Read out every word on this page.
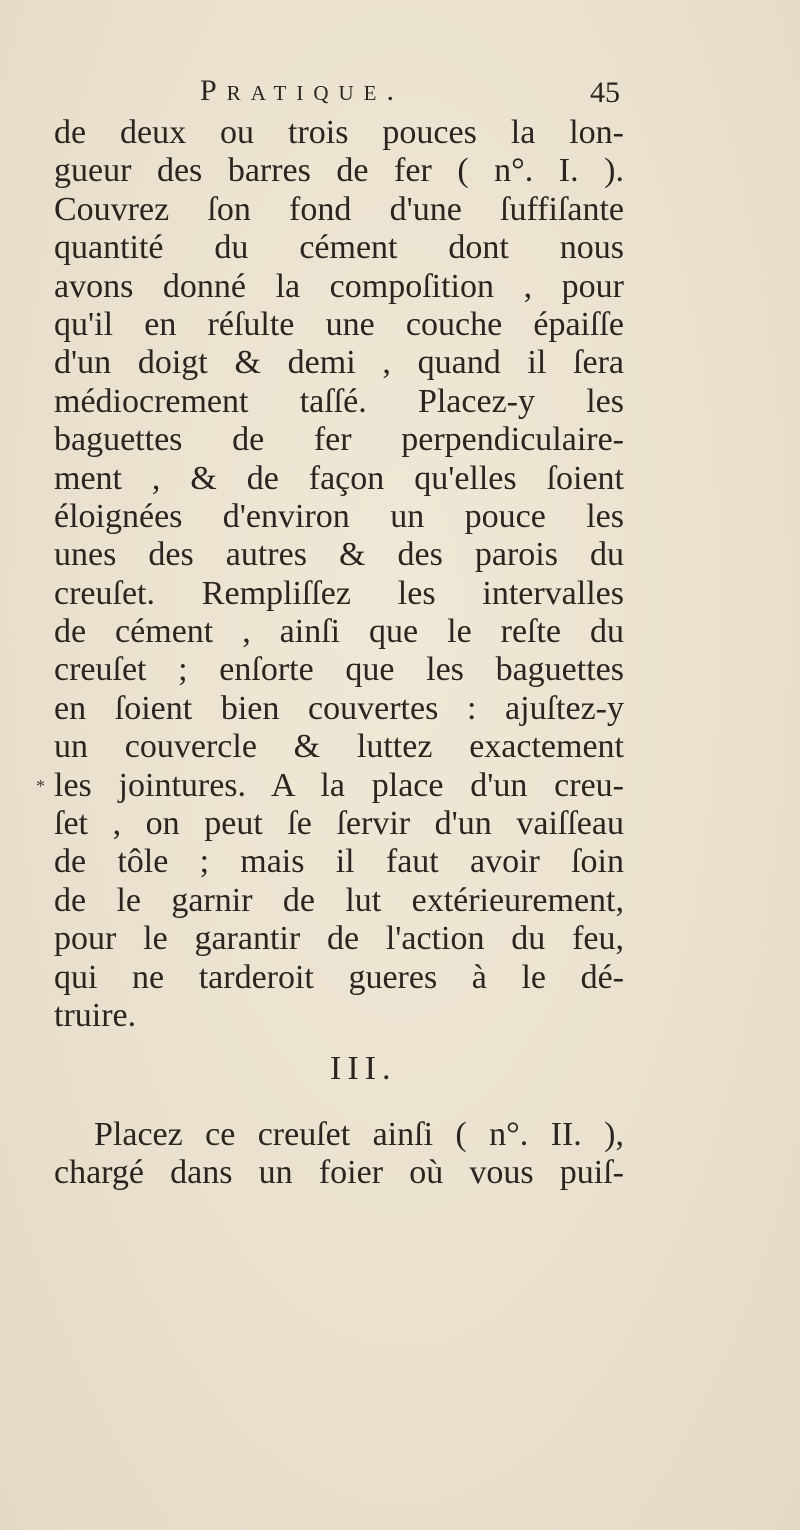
Pratique.	45
*
de deux ou trois pouces la lon-
gueur des barres de fer ( n°. I. ).
Couvrez ſon fond d'une ſuffiſante
quantité du cément dont nous
avons donné la compoſition , pour
qu'il en réſulte une couche épaiſſe
d'un doigt & demi , quand il ſera
médiocrement taſſé. Placez-y les
baguettes de fer perpendiculaire-
ment , & de façon qu'elles ſoient
éloignées d'environ un pouce les
unes des autres & des parois du
creuſet. Rempliſſez les intervalles
de cément , ainſi que le reſte du
creuſet ; enſorte que les baguettes
en ſoient bien couvertes : ajuſtez-y
un couvercle & luttez exactement
les jointures. A la place d'un creu-
ſet , on peut ſe ſervir d'un vaiſſeau
de tôle ; mais il faut avoir ſoin
de le garnir de lut extérieurement,
pour le garantir de l'action du feu,
qui ne tarderoit gueres à le dé-
truire.
III.
Placez ce creuſet ainſi ( n°. II. ),
chargé dans un foier où vous puiſ-
